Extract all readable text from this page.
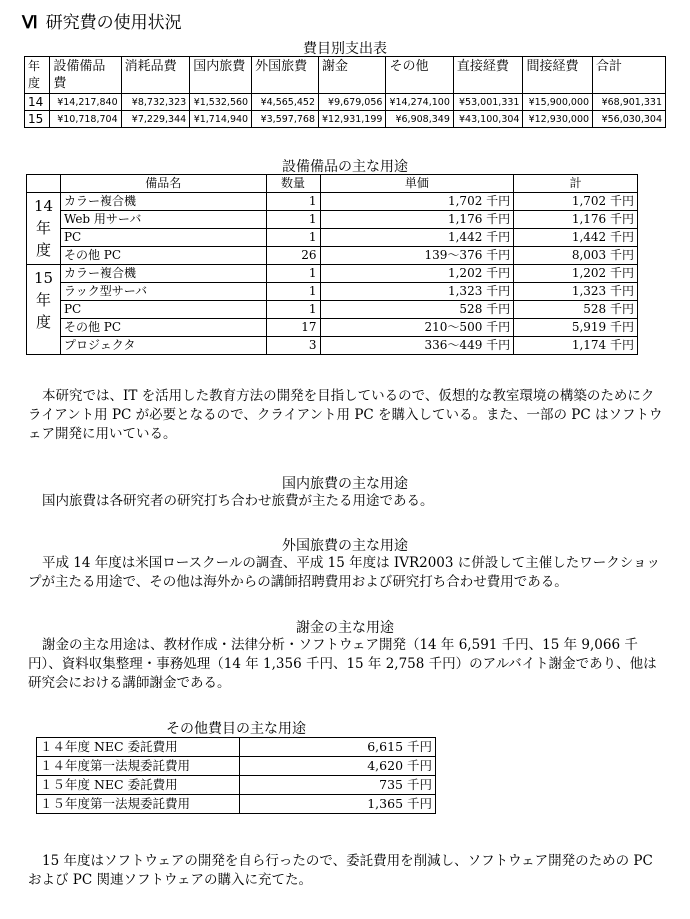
Ⅵ 研究費の使用状況
費目別支出表
年度	設備備品費	消耗品費	国内旅費	外国旅費	謝金	その他	直接経費	間接経費	合計
14	¥14,217,840	¥8,732,323	¥1,532,560	¥4,565,452	¥9,679,056	¥14,274,100	¥53,001,331	¥15,900,000	¥68,901,331
15	¥10,718,704	¥7,229,344	¥1,714,940	¥3,597,768	¥12,931,199	¥6,908,349	¥43,100,304	¥12,930,000	¥56,030,304
設備備品の主な用途
	備品名	数量	単価	計

14
年
度	カラー複合機	1	1,702 千円	1,702 千円
	Web 用サーバ	1	1,176 千円	1,176 千円
	PC	1	1,442 千円	1,442 千円
	その他 PC	26	139～376 千円	8,003 千円

15
年
度	カラー複合機	1	1,202 千円	1,202 千円
	ラック型サーバ	1	1,323 千円	1,323 千円
	PC	1	528 千円	528 千円
	その他 PC	17	210～500 千円	5,919 千円
	プロジェクタ	3	336～449 千円	1,174 千円
本研究では、IT を活用した教育方法の開発を目指しているので、仮想的な教室環境の構築のためにクライアント用 PC が必要となるので、クライアント用 PC を購入している。また、一部の PC はソフトウェア開発に用いている。
国内旅費の主な用途
国内旅費は各研究者の研究打ち合わせ旅費が主たる用途である。
外国旅費の主な用途
平成 14 年度は米国ロースクールの調査、平成 15 年度は IVR2003 に併設して主催したワークショップが主たる用途で、その他は海外からの講師招聘費用および研究打ち合わせ費用である。
謝金の主な用途
謝金の主な用途は、教材作成・法律分析・ソフトウェア開発（14 年 6,591 千円、15 年 9,066 千円）、資料収集整理・事務処理（14 年 1,356 千円、15 年 2,758 千円）のアルバイト謝金であり、他は研究会における講師謝金である。
その他費目の主な用途
１４年度 NEC 委託費用	6,615 千円
１４年度第一法規委託費用	4,620 千円
１５年度 NEC 委託費用	735 千円
１５年度第一法規委託費用	1,365 千円
15 年度はソフトウェアの開発を自ら行ったので、委託費用を削減し、ソフトウェア開発のための PC および PC 関連ソフトウェアの購入に充てた。
